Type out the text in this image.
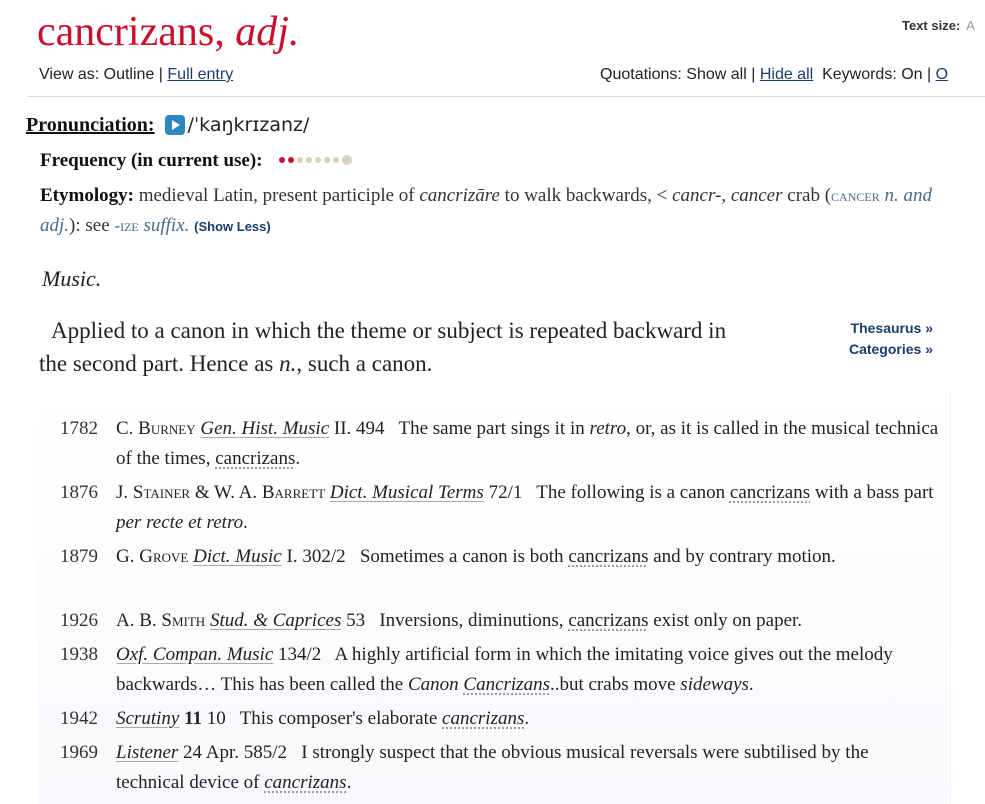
cancrizans, adj.	Text size: A
View as: Outline | Full entry	Quotations: Show all | Hide all Keywords: On | O
Pronunciation: /ˈkaŋkrɪzanz/
Frequency (in current use):
Etymology: medieval Latin, present participle of cancrizāre to walk backwards, < cancr-, cancer crab (cancer n. and adj.): see -ize suffix. (Show Less)
Music.
Applied to a canon in which the theme or subject is repeated backward in the second part. Hence as n., such a canon.
Thesaurus »
Categories »
1782 C. Burney Gen. Hist. Music II. 494 The same part sings it in retro, or, as it is called in the musical technica of the times, cancrizans.
1876 J. Stainer & W. A. Barrett Dict. Musical Terms 72/1 The following is a canon cancrizans with a bass part per recte et retro.
1879 G. Grove Dict. Music I. 302/2 Sometimes a canon is both cancrizans and by contrary motion.
1926 A. B. Smith Stud. & Caprices 53 Inversions, diminutions, cancrizans exist only on paper.
1938 Oxf. Compan. Music 134/2 A highly artificial form in which the imitating voice gives out the melody backwards… This has been called the Canon Cancrizans..but crabs move sideways.
1942 Scrutiny 11 10 This composer's elaborate cancrizans.
1969 Listener 24 Apr. 585/2 I strongly suspect that the obvious musical reversals were subtilised by the technical device of cancrizans.
